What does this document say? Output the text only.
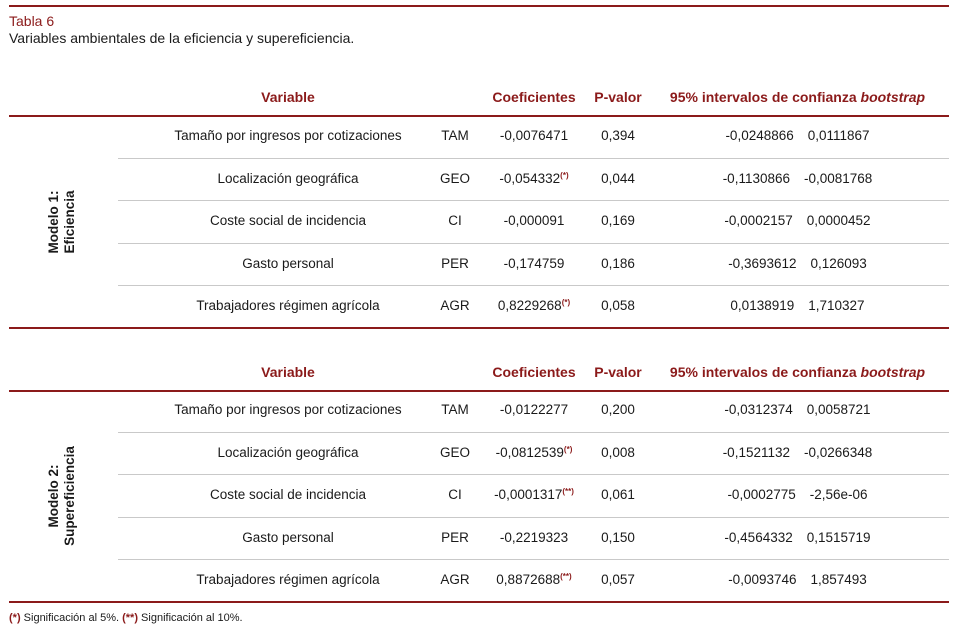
Tabla 6
Variables ambientales de la eficiencia y supereficiencia.
Variable	Coeficientes	P-valor	95% intervalos de confianza bootstrap
Tamaño por ingresos por cotizaciones	TAM	-0,0076471	0,394	-0,0248866 0,0111867
Localización geográfica	GEO	-0,054332(*)	0,044	-0,1130866 -0,0081768
Coste social de incidencia	CI	-0,000091	0,169	-0,0002157 0,0000452
Gasto personal	PER	-0,174759	0,186	-0,3693612 0,126093
Trabajadores régimen agrícola	AGR	0,8229268(*)	0,058	0,0138919 1,710327
Modelo 1: Eficiencia
Variable	Coeficientes	P-valor	95% intervalos de confianza bootstrap
Tamaño por ingresos por cotizaciones	TAM	-0,0122277	0,200	-0,0312374 0,0058721
Localización geográfica	GEO	-0,0812539(*)	0,008	-0,1521132 -0,0266348
Coste social de incidencia	CI	-0,0001317(**)	0,061	-0,0002775 -2,56e-06
Gasto personal	PER	-0,2219323	0,150	-0,4564332 0,1515719
Trabajadores régimen agrícola	AGR	0,8872688(**)	0,057	-0,0093746 1,857493
Modelo 2: Supereficiencia
(*) Significación al 5%. (**) Significación al 10%.
